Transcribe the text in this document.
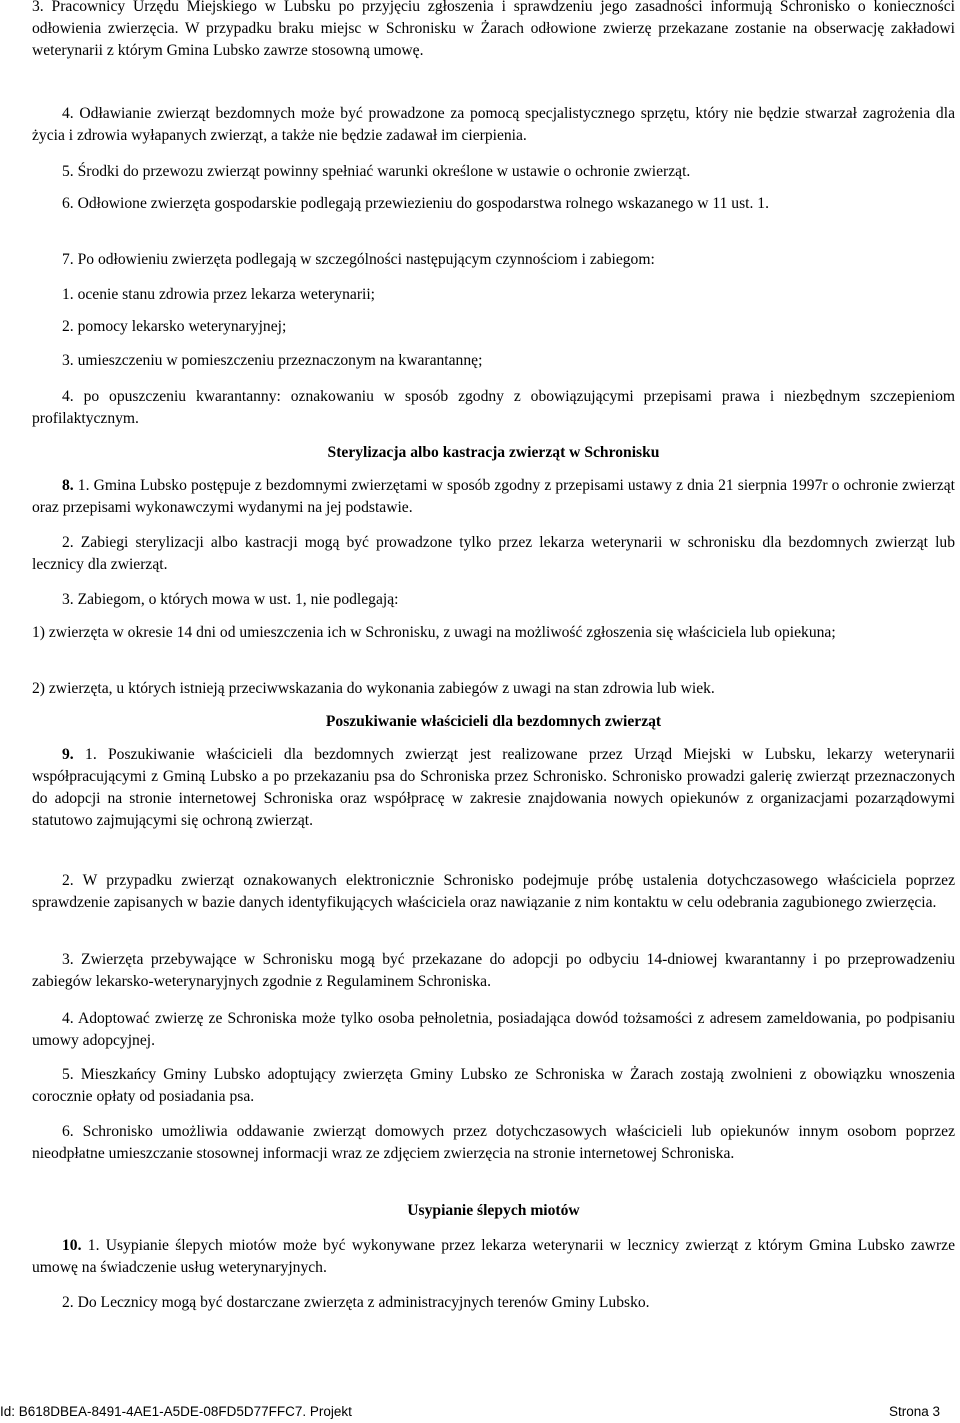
3. Pracownicy Urzędu Miejskiego w Lubsku po przyjęciu zgłoszenia i sprawdzeniu jego zasadności informują Schronisko o konieczności odłowienia zwierzęcia. W przypadku braku miejsc w Schronisku w Żarach odłowione zwierzę przekazane zostanie na obserwację zakładowi weterynarii z którym Gmina Lubsko zawrze stosowną umowę.

4. Odławianie zwierząt bezdomnych może być prowadzone za pomocą specjalistycznego sprzętu, który nie będzie stwarzał zagrożenia dla życia i zdrowia wyłapanych zwierząt, a także nie będzie zadawał im cierpienia.

5. Środki do przewozu zwierząt powinny spełniać warunki określone w ustawie o ochronie zwierząt.

6. Odłowione zwierzęta gospodarskie podlegają przewiezieniu do gospodarstwa rolnego wskazanego w 11 ust. 1.

7. Po odłowieniu zwierzęta podlegają w szczególności następującym czynnościom i zabiegom:

1. ocenie stanu zdrowia przez lekarza weterynarii;

2. pomocy lekarsko weterynaryjnej;

3. umieszczeniu w pomieszczeniu przeznaczonym na kwarantannę;

4. po opuszczeniu kwarantanny: oznakowaniu w sposób zgodny z obowiązującymi przepisami prawa i niezbędnym szczepieniom profilaktycznym.

Sterylizacja albo kastracja zwierząt w Schronisku

8. 1. Gmina Lubsko postępuje z bezdomnymi zwierzętami w sposób zgodny z przepisami ustawy z dnia 21 sierpnia 1997r o ochronie zwierząt oraz przepisami wykonawczymi wydanymi na jej podstawie.

2. Zabiegi sterylizacji albo kastracji mogą być prowadzone tylko przez lekarza weterynarii w schronisku dla bezdomnych zwierząt lub lecznicy dla zwierząt.

3. Zabiegom, o których mowa w ust. 1, nie podlegają:

1) zwierzęta w okresie 14 dni od umieszczenia ich w Schronisku, z uwagi na możliwość zgłoszenia się właściciela lub opiekuna;

2) zwierzęta, u których istnieją przeciwwskazania do wykonania zabiegów z uwagi na stan zdrowia lub wiek.

Poszukiwanie właścicieli dla bezdomnych zwierząt

9. 1. Poszukiwanie właścicieli dla bezdomnych zwierząt jest realizowane przez Urząd Miejski w Lubsku, lekarzy weterynarii współpracującymi z Gminą Lubsko a po przekazaniu psa do Schroniska przez Schronisko. Schronisko prowadzi galerię zwierząt przeznaczonych do adopcji na stronie internetowej Schroniska oraz współpracę w zakresie znajdowania nowych opiekunów z organizacjami pozarządowymi statutowo zajmującymi się ochroną zwierząt.

2. W przypadku zwierząt oznakowanych elektronicznie Schronisko podejmuje próbę ustalenia dotychczasowego właściciela poprzez sprawdzenie zapisanych w bazie danych identyfikujących właściciela oraz nawiązanie z nim kontaktu w celu odebrania zagubionego zwierzęcia.

3. Zwierzęta przebywające w Schronisku mogą być przekazane do adopcji po odbyciu 14-dniowej kwarantanny i po przeprowadzeniu zabiegów lekarsko-weterynaryjnych zgodnie z Regulaminem Schroniska.

4. Adoptować zwierzę ze Schroniska może tylko osoba pełnoletnia, posiadająca dowód tożsamości z adresem zameldowania, po podpisaniu umowy adopcyjnej.

5. Mieszkańcy Gminy Lubsko adoptujący zwierzęta Gminy Lubsko ze Schroniska w Żarach zostają zwolnieni z obowiązku wnoszenia corocznie opłaty od posiadania psa.

6. Schronisko umożliwia oddawanie zwierząt domowych przez dotychczasowych właścicieli lub opiekunów innym osobom poprzez nieodpłatne umieszczanie stosownej informacji wraz ze zdjęciem zwierzęcia na stronie internetowej Schroniska.

Usypianie ślepych miotów

10. 1. Usypianie ślepych miotów może być wykonywane przez lekarza weterynarii w lecznicy zwierząt z którym Gmina Lubsko zawrze umowę na świadczenie usług weterynaryjnych.

2. Do Lecznicy mogą być dostarczane zwierzęta z administracyjnych terenów Gminy Lubsko.

Id: B618DBEA-8491-4AE1-A5DE-08FD5D77FFC7. Projekt	Strona 3
